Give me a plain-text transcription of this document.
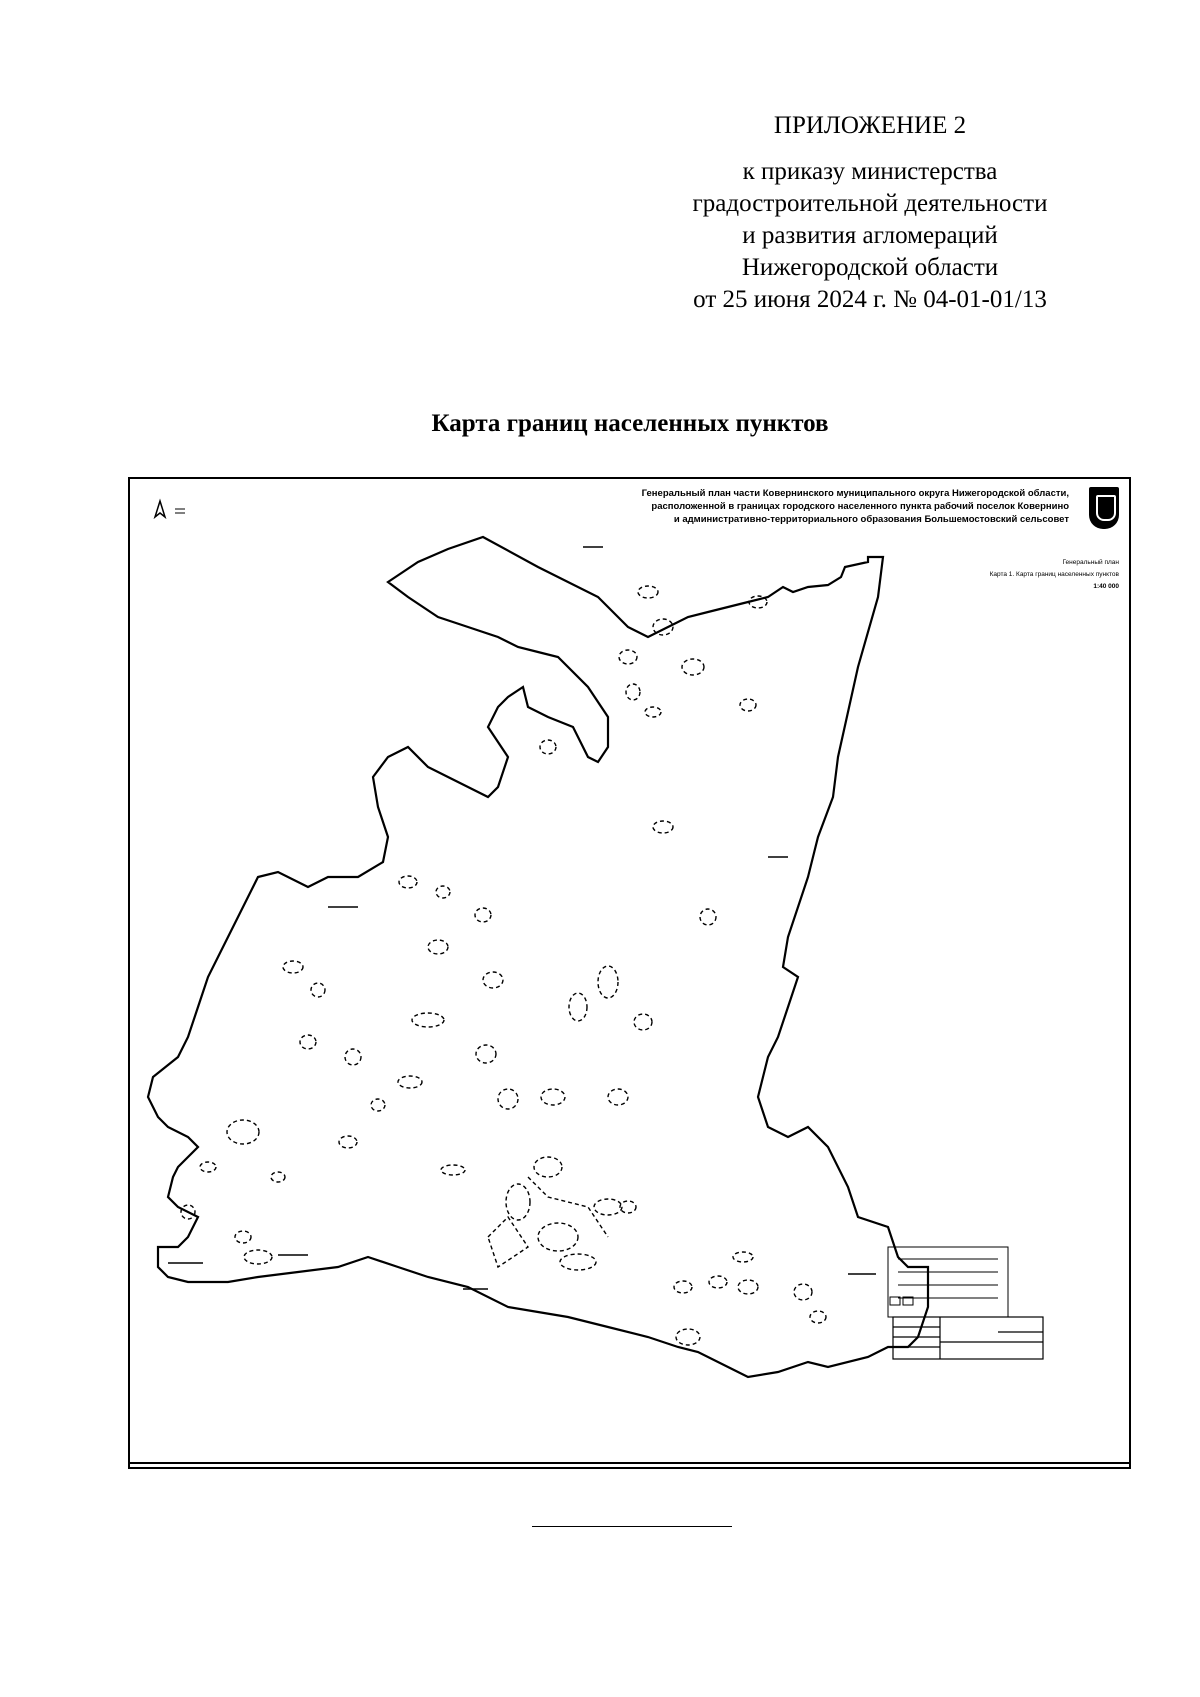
ПРИЛОЖЕНИЕ 2
к приказу министерства
градостроительной деятельности
и развития агломераций
Нижегородской области
от 25 июня 2024 г. № 04-01-01/13
Карта границ населенных пунктов
Генеральный план части Ковернинского муниципального округа Нижегородской области,
расположенной в границах городского населенного пункта рабочий поселок Ковернино
и административно-территориального образования Большемостовский сельсовет
Генеральный план
Карта 1. Карта границ населенных пунктов
1:40 000
